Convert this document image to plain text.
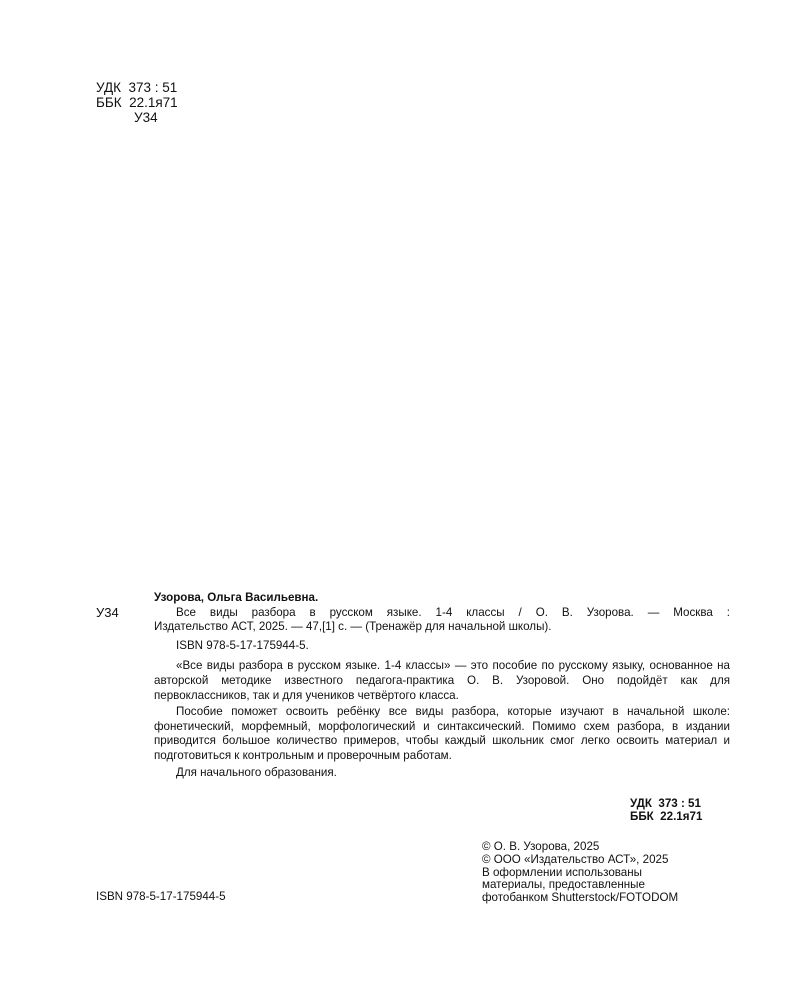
УДК  373 : 51
ББК  22.1я71
У34
Узорова, Ольга Васильевна.
У34	Все виды разбора в русском языке. 1-4 классы / О. В. Узорова. — Москва :
Издательство АСТ, 2025. — 47,[1] с. — (Тренажёр для начальной школы).
ISBN 978-5-17-175944-5.

«Все виды разбора в русском языке. 1-4 классы» — это пособие по русскому языку, основанное на авторской методике известного педагога-практика О. В. Узоровой. Оно подойдёт как для первоклассников, так и для учеников четвёртого класса.

Пособие поможет освоить ребёнку все виды разбора, которые изучают в начальной школе: фонетический, морфемный, морфологический и синтаксический. Помимо схем разбора, в издании приводится большое количество примеров, чтобы каждый школьник смог легко освоить материал и подготовиться к контрольным и проверочным работам.

Для начального образования.

УДК  373 : 51
ББК  22.1я71
© О. В. Узорова, 2025
© ООО «Издательство АСТ», 2025
В оформлении использованы
материалы, предоставленные
фотобанком Shutterstock/FOTODOM
ISBN 978-5-17-175944-5
